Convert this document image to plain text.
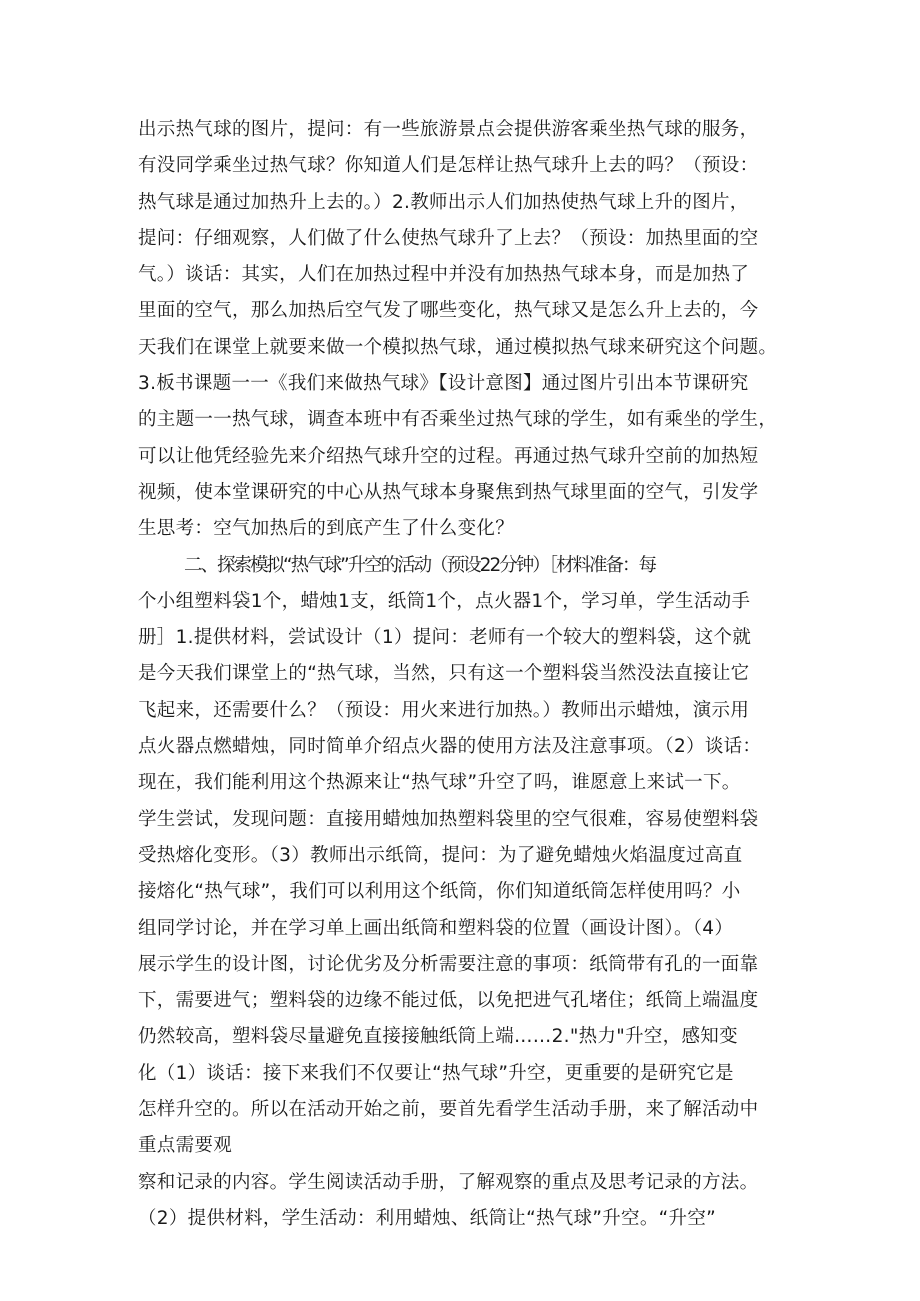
出示热气球的图片，提问：有一些旅游景点会提供游客乘坐热气球的服务，
有没同学乘坐过热气球？你知道人们是怎样让热气球升上去的吗？（预设：
热气球是通过加热升上去的。）2.教师出示人们加热使热气球上升的图片，
提问：仔细观察，人们做了什么使热气球升了上去？（预设：加热里面的空
气。）谈话：其实，人们在加热过程中并没有加热热气球本身，而是加热了
里面的空气，那么加热后空气发了哪些变化，热气球又是怎么升上去的，今
天我们在课堂上就要来做一个模拟热气球，通过模拟热气球来研究这个问题。
3.板书课题一一《我们来做热气球》【设计意图】通过图片引出本节课研究
的主题一一热气球，调查本班中有否乘坐过热气球的学生，如有乘坐的学生，
可以让他凭经验先来介绍热气球升空的过程。再通过热气球升空前的加热短
视频，使本堂课研究的中心从热气球本身聚焦到热气球里面的空气，引发学
生思考：空气加热后的到底产生了什么变化？
二、探索模拟“热气球”升空的活动（预设22分钟）［材料准备：每
个小组塑料袋1个，蜡烛1支，纸筒1个，点火器1个，学习单，学生活动手
册］1.提供材料，尝试设计（1）提问：老师有一个较大的塑料袋，这个就
是今天我们课堂上的“热气球，当然，只有这一个塑料袋当然没法直接让它
飞起来，还需要什么？（预设：用火来进行加热。）教师出示蜡烛，演示用
点火器点燃蜡烛，同时简单介绍点火器的使用方法及注意事项。（2）谈话：
现在，我们能利用这个热源来让“热气球”升空了吗，谁愿意上来试一下。
学生尝试，发现问题：直接用蜡烛加热塑料袋里的空气很难，容易使塑料袋
受热熔化变形。（3）教师出示纸筒，提问：为了避免蜡烛火焰温度过高直
接熔化“热气球”，我们可以利用这个纸筒，你们知道纸筒怎样使用吗？小
组同学讨论，并在学习单上画出纸筒和塑料袋的位置（画设计图）。（4）
展示学生的设计图，讨论优劣及分析需要注意的事项：纸筒带有孔的一面靠
下，需要进气；塑料袋的边缘不能过低，以免把进气孔堵住；纸筒上端温度
仍然较高，塑料袋尽量避免直接接触纸筒上端……2."热力"升空，感知变
化（1）谈话：接下来我们不仅要让“热气球”升空，更重要的是研究它是
怎样升空的。所以在活动开始之前，要首先看学生活动手册，来了解活动中
重点需要观
察和记录的内容。学生阅读活动手册，了解观察的重点及思考记录的方法。
（2）提供材料，学生活动：利用蜡烛、纸筒让“热气球”升空。“升空”
